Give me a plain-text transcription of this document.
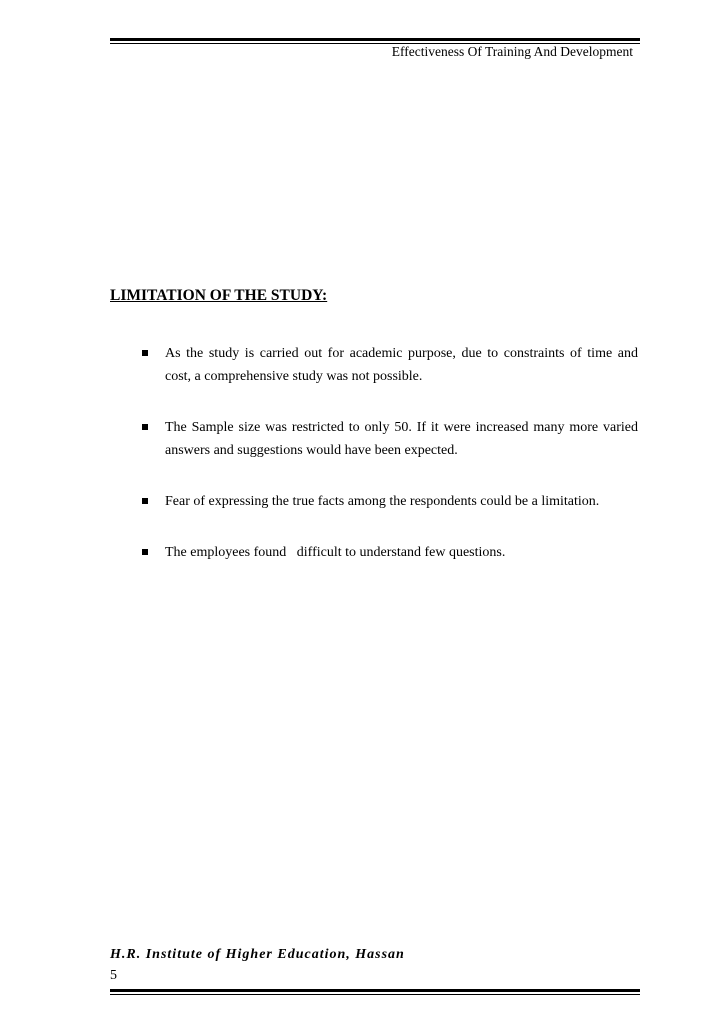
Effectiveness Of Training And Development
LIMITATION OF THE STUDY:
As the study is carried out for academic purpose, due to constraints of time and cost, a comprehensive study was not possible.
The Sample size was restricted to only 50. If it were increased many more varied answers and suggestions would have been expected.
Fear of expressing the true facts among the respondents could be a limitation.
The employees found   difficult to understand few questions.
H.R. Institute of Higher Education, Hassan
5
